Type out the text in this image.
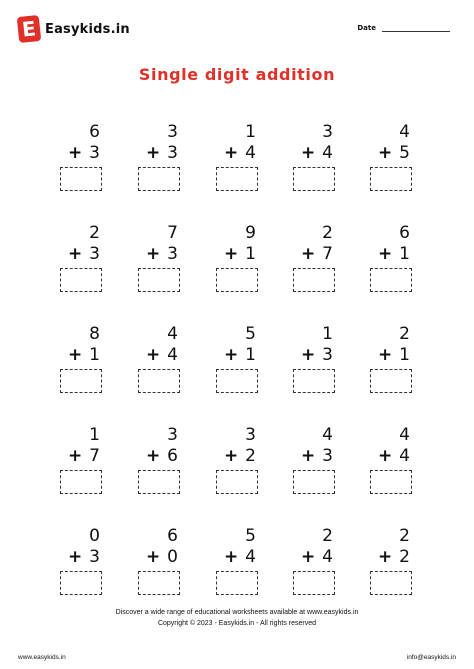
E Easykids.in	Date
Single digit addition
6
+ 3
3
+ 3
1
+ 4
3
+ 4
4
+ 5
2
+ 3
7
+ 3
9
+ 1
2
+ 7
6
+ 1
8
+ 1
4
+ 4
5
+ 1
1
+ 3
2
+ 1
1
+ 7
3
+ 6
3
+ 2
4
+ 3
4
+ 4
0
+ 3
6
+ 0
5
+ 4
2
+ 4
2
+ 2
Discover a wide range of educational worksheets available at www.easykids.in
Copyright © 2023 - Easykids.in - All rights reserved
www.easykids.in	info@easykids.in
